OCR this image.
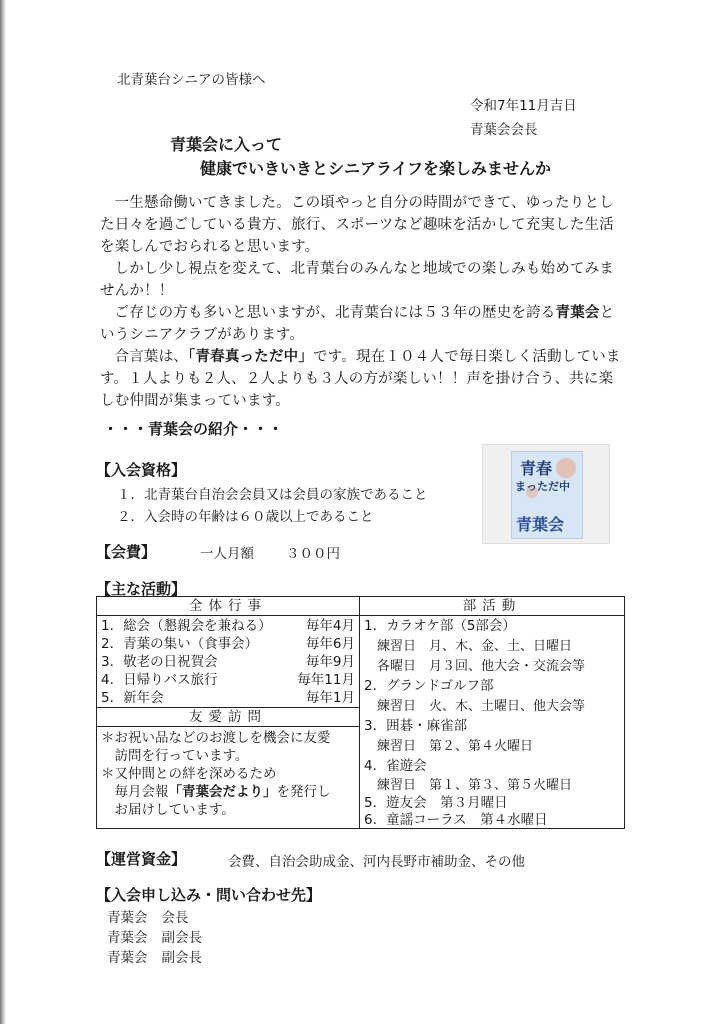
北青葉台シニアの皆様へ
令和7年11月吉日
青葉会会長
青葉会に入って
健康でいきいきとシニアライフを楽しみませんか

一生懸命働いてきました。この頃やっと自分の時間ができて、ゆったりとした日々を過ごしている貴方、旅行、スポーツなど趣味を活かして充実した生活を楽しんでおられると思います。

しかし少し視点を変えて、北青葉台のみんなと地域での楽しみも始めてみませんか！！

ご存じの方も多いと思いますが、北青葉台には５３年の歴史を誇る青葉会というシニアクラブがあります。

合言葉は、「青春真っただ中」です。現在１０４人で毎日楽しく活動しています。１人よりも２人、２人よりも３人の方が楽しい！！声を掛け合う、共に楽しむ仲間が集まっています。

・・・青葉会の紹介・・・
青春
まっただ中
青葉会
【入会資格】
１．北青葉台自治会会員又は会員の家族であること
２．入会時の年齢は６０歳以上であること
【会費】	一人月額 ３００円
【主な活動】
全体行事
1．総会（懇親会を兼ねる）	毎年4月
2．青葉の集い（食事会）	毎年6月
3．敬老の日祝賀会	毎年9月
4．日帰りバス旅行	毎年11月
5．新年会	毎年1月
友愛訪問
＊お祝い品などのお渡しを機会に友愛
　訪問を行っています。
＊又仲間との絆を深めるため
　毎月会報「青葉会だより」を発行し
　お届けしています。
部活動
1．カラオケ部（5部会）
　練習日　月、木、金、土、日曜日
　各曜日　月３回、他大会・交流会等
2．グランドゴルフ部
　練習日　火、木、土曜日、他大会等
3．囲碁・麻雀部
　練習日　第２、第４火曜日
4．雀遊会
　練習日　第１、第３、第５火曜日
5．遊友会　第３月曜日
6．童謡コーラス　第４水曜日
【運営資金】	会費、自治会助成金、河内長野市補助金、その他
【入会申し込み・問い合わせ先】
青葉会 会長
青葉会 副会長
青葉会 副会長
